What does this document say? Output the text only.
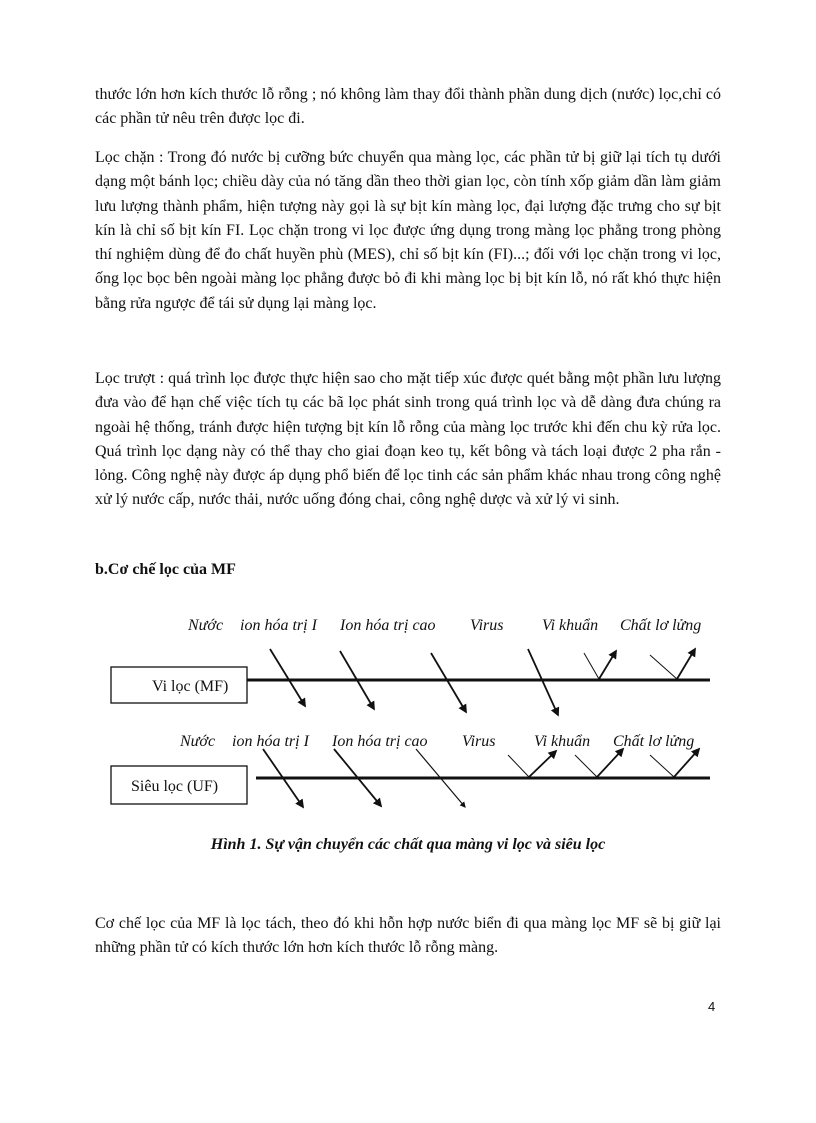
thước lớn hơn kích thước lỗ rỗng ; nó không làm thay đổi thành phần dung dịch (nước) lọc,chỉ có các phần tử nêu trên được lọc đi.

Lọc chặn : Trong đó nước bị cưỡng bức chuyển qua màng lọc, các phần tử bị giữ lại tích tụ dưới dạng một bánh lọc; chiều dày của nó tăng dần theo thời gian lọc, còn tính xốp giảm dần làm giảm lưu lượng thành phẩm, hiện tượng này gọi là sự bịt kín màng lọc, đại lượng đặc trưng cho sự bịt kín là chỉ số bịt kín FI. Lọc chặn trong vi lọc được ứng dụng trong màng lọc phẳng trong phòng thí nghiệm dùng để đo chất huyền phù (MES), chỉ số bịt kín (FI)...; đối với lọc chặn trong vi lọc, ống lọc bọc bên ngoài màng lọc phẳng được bỏ đi khi màng lọc bị bịt kín lỗ, nó rất khó thực hiện bằng rửa ngược để tái sử dụng lại màng lọc.

Lọc trượt : quá trình lọc được thực hiện sao cho mặt tiếp xúc được quét bằng một phần lưu lượng đưa vào để hạn chế việc tích tụ các bã lọc phát sinh trong quá trình lọc và dễ dàng đưa chúng ra ngoài hệ thống, tránh được hiện tượng bịt kín lỗ rỗng của màng lọc trước khi đến chu kỳ rửa lọc. Quá trình lọc dạng này có thể thay cho giai đoạn keo tụ, kết bông và tách loại được 2 pha rắn - lỏng. Công nghệ này được áp dụng phổ biến để lọc tinh các sản phẩm khác nhau trong công nghệ xử lý nước cấp, nước thải, nước uống đóng chai, công nghệ dược và xử lý vi sinh.

b.Cơ chế lọc của MF

Nước ion hóa trị I Ion hóa trị cao Virus Vi khuẩn Chất lơ lửng
Vi lọc (MF)
Nước ion hóa trị I Ion hóa trị cao Virus Vi khuẩn Chất lơ lửng
Siêu lọc (UF)

Hình 1. Sự vận chuyển các chất qua màng vi lọc và siêu lọc

Cơ chế lọc của MF là lọc tách, theo đó khi hỗn hợp nước biển đi qua màng lọc MF sẽ bị giữ lại những phần tử có kích thước lớn hơn kích thước lỗ rỗng màng.

4
